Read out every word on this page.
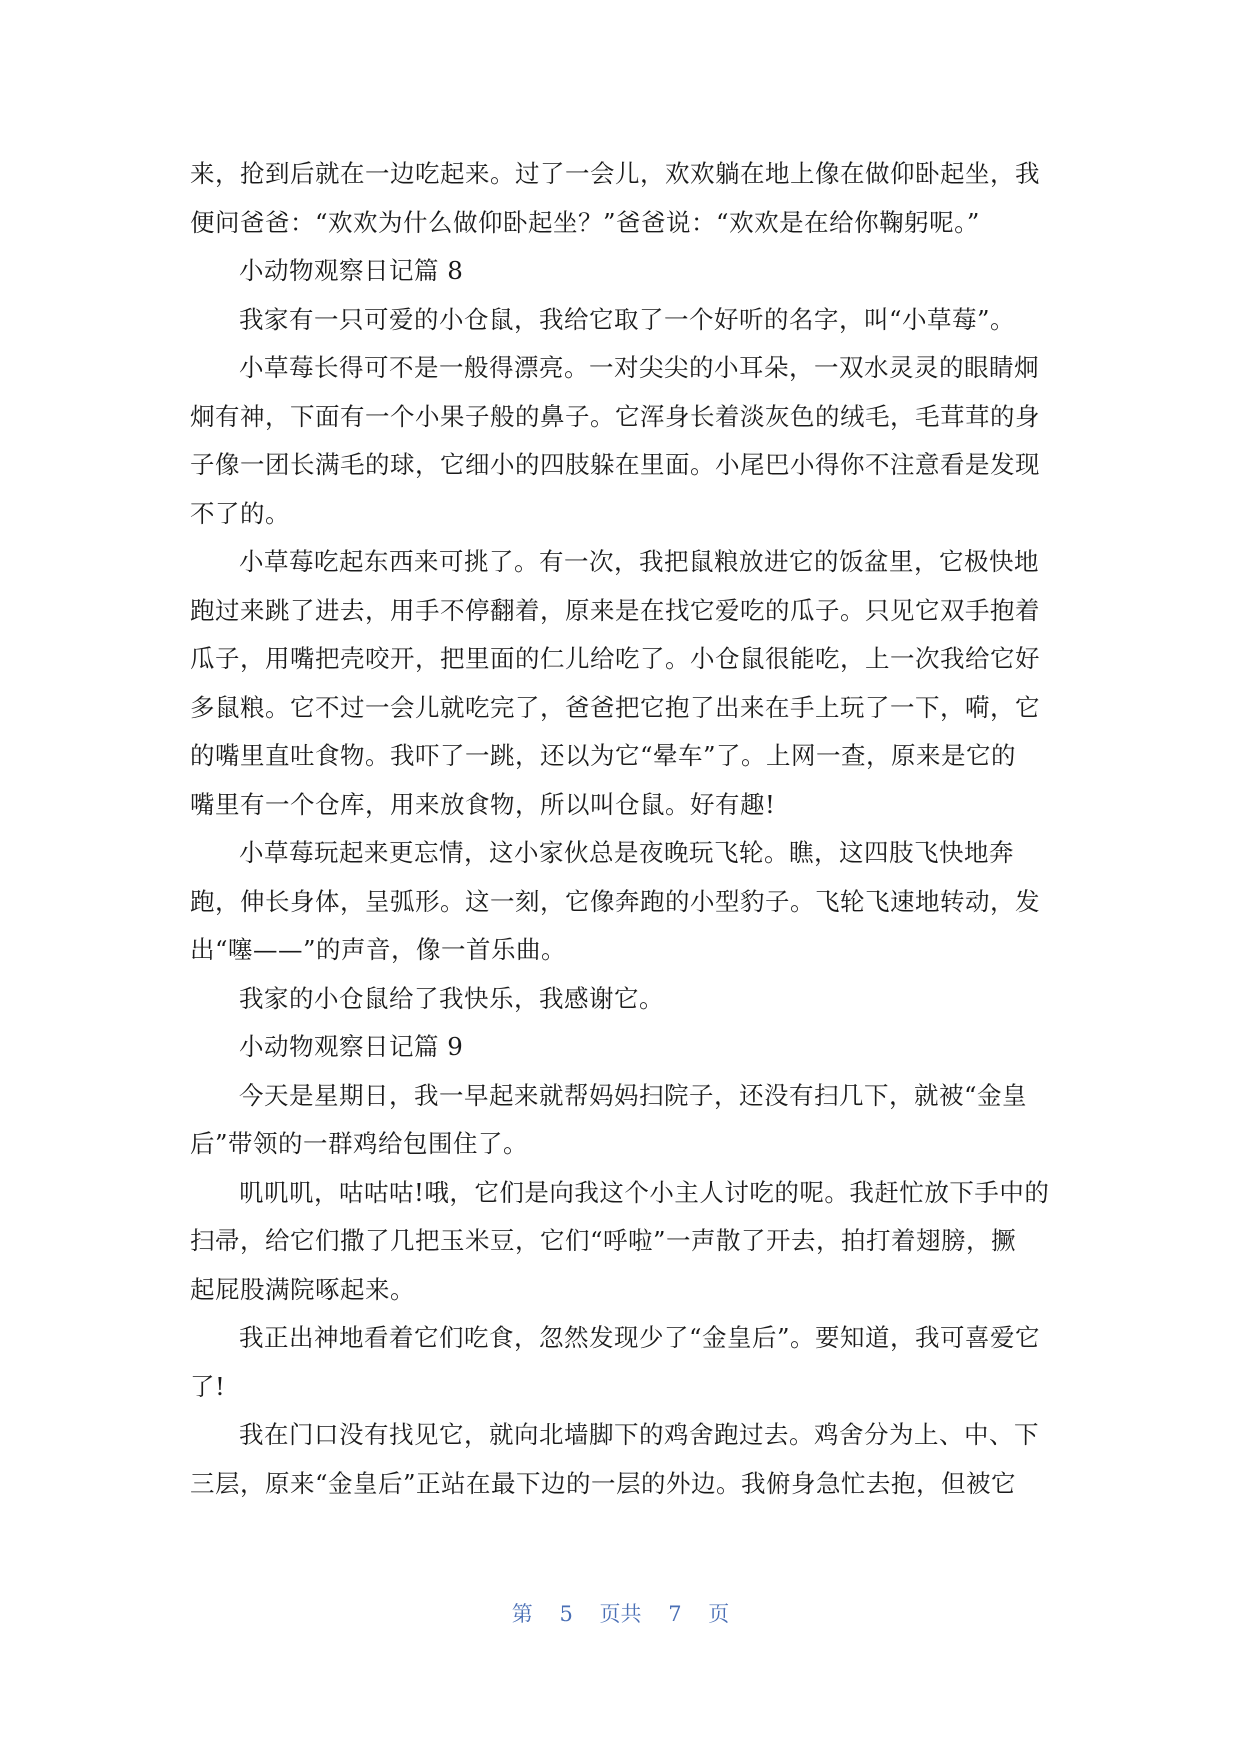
来，抢到后就在一边吃起来。过了一会儿，欢欢躺在地上像在做仰卧起坐，我

便问爸爸：“欢欢为什么做仰卧起坐？”爸爸说：“欢欢是在给你鞠躬呢。”

小动物观察日记篇 8

我家有一只可爱的小仓鼠，我给它取了一个好听的名字，叫“小草莓”。

小草莓长得可不是一般得漂亮。一对尖尖的小耳朵，一双水灵灵的眼睛炯

炯有神，下面有一个小果子般的鼻子。它浑身长着淡灰色的绒毛，毛茸茸的身

子像一团长满毛的球，它细小的四肢躲在里面。小尾巴小得你不注意看是发现

不了的。

小草莓吃起东西来可挑了。有一次，我把鼠粮放进它的饭盆里，它极快地

跑过来跳了进去，用手不停翻着，原来是在找它爱吃的瓜子。只见它双手抱着

瓜子，用嘴把壳咬开，把里面的仁儿给吃了。小仓鼠很能吃，上一次我给它好

多鼠粮。它不过一会儿就吃完了，爸爸把它抱了出来在手上玩了一下，嗬，它

的嘴里直吐食物。我吓了一跳，还以为它“晕车”了。上网一查，原来是它的

嘴里有一个仓库，用来放食物，所以叫仓鼠。好有趣!

小草莓玩起来更忘情，这小家伙总是夜晚玩飞轮。瞧，这四肢飞快地奔

跑，伸长身体，呈弧形。这一刻，它像奔跑的小型豹子。飞轮飞速地转动，发

出“噻——”的声音，像一首乐曲。

我家的小仓鼠给了我快乐，我感谢它。

小动物观察日记篇 9

今天是星期日，我一早起来就帮妈妈扫院子，还没有扫几下，就被“金皇

后”带领的一群鸡给包围住了。

叽叽叽，咕咕咕!哦，它们是向我这个小主人讨吃的呢。我赶忙放下手中的

扫帚，给它们撒了几把玉米豆，它们“呼啦”一声散了开去，拍打着翅膀，撅

起屁股满院啄起来。

我正出神地看着它们吃食，忽然发现少了“金皇后”。要知道，我可喜爱它

了!

我在门口没有找见它，就向北墙脚下的鸡舍跑过去。鸡舍分为上、中、下

三层，原来“金皇后”正站在最下边的一层的外边。我俯身急忙去抱，但被它

第 5 页共 7 页
